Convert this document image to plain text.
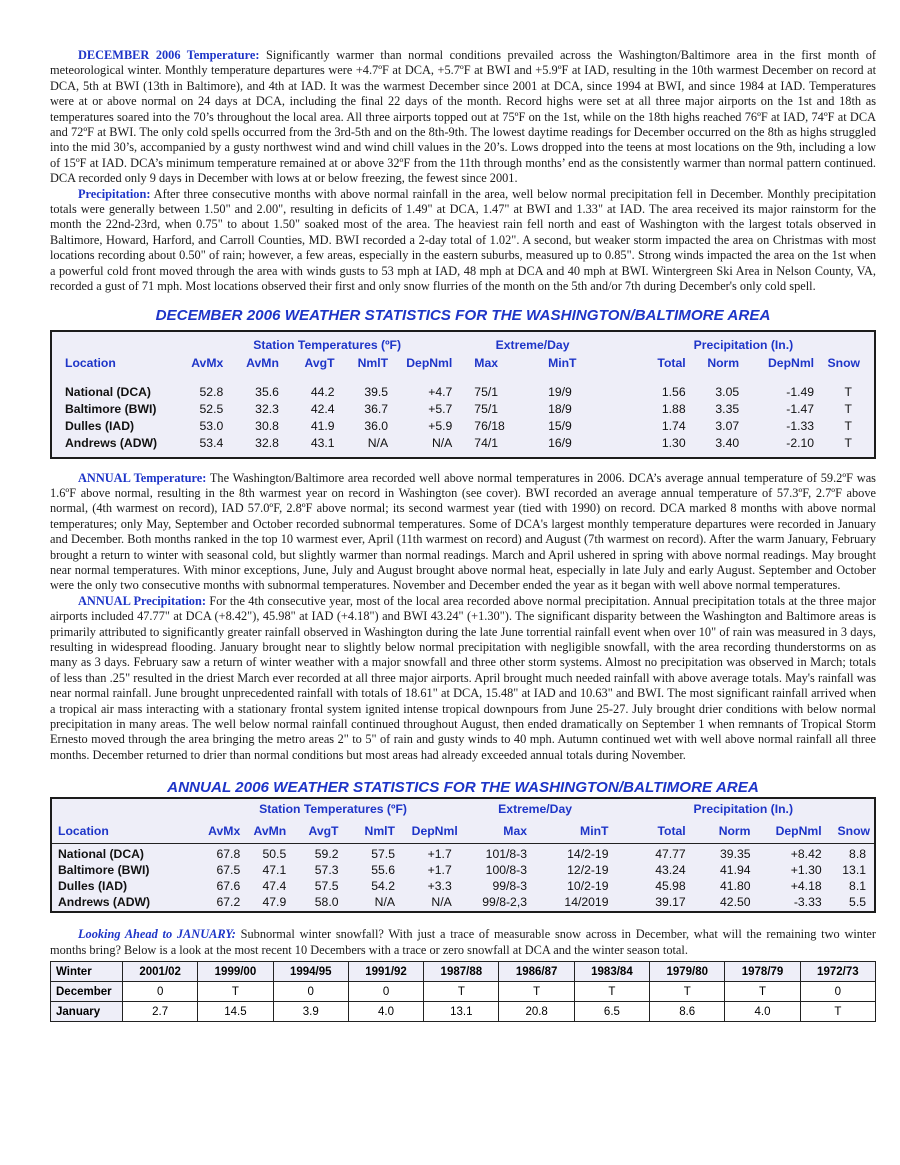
DECEMBER 2006 Temperature: Significantly warmer than normal conditions prevailed across the Washington/Baltimore area in the first month of meteorological winter. Monthly temperature departures were +4.7ºF at DCA, +5.7ºF at BWI and +5.9ºF at IAD, resulting in the 10th warmest December on record at DCA, 5th at BWI (13th in Baltimore), and 4th at IAD. It was the warmest December since 2001 at DCA, since 1994 at BWI, and since 1984 at IAD. Temperatures were at or above normal on 24 days at DCA, including the final 22 days of the month. Record highs were set at all three major airports on the 1st and 18th as temperatures soared into the 70’s throughout the local area. All three airports topped out at 75ºF on the 1st, while on the 18th highs reached 76ºF at IAD, 74ºF at DCA and 72ºF at BWI. The only cold spells occurred from the 3rd-5th and on the 8th-9th. The lowest daytime readings for December occurred on the 8th as highs struggled into the mid 30’s, accompanied by a gusty northwest wind and wind chill values in the 20’s. Lows dropped into the teens at most locations on the 9th, including a low of 15ºF at IAD. DCA’s minimum temperature remained at or above 32ºF from the 11th through months’ end as the consistently warmer than normal pattern continued. DCA recorded only 9 days in December with lows at or below freezing, the fewest since 2001.

Precipitation: After three consecutive months with above normal rainfall in the area, well below normal precipitation fell in December. Monthly precipitation totals were generally between 1.50" and 2.00", resulting in deficits of 1.49" at DCA, 1.47" at BWI and 1.33" at IAD. The area received its major rainstorm for the month the 22nd-23rd, when 0.75" to about 1.50" soaked most of the area. The heaviest rain fell north and east of Washington with the largest totals observed in Baltimore, Howard, Harford, and Carroll Counties, MD. BWI recorded a 2-day total of 1.02". A second, but weaker storm impacted the area on Christmas with most locations recording about 0.50" of rain; however, a few areas, especially in the eastern suburbs, measured up to 0.85". Strong winds impacted the area on the 1st when a powerful cold front moved through the area with winds gusts to 53 mph at IAD, 48 mph at DCA and 40 mph at BWI. Wintergreen Ski Area in Nelson County, VA, recorded a gust of 71 mph. Most locations observed their first and only snow flurries of the month on the 5th and/or 7th during December's only cold spell.

DECEMBER 2006 WEATHER STATISTICS FOR THE WASHINGTON/BALTIMORE AREA
	Station Temperatures (ºF)					Extreme/Day		Precipitation (In.)			
Location	AvMx	AvMn	AvgT	NmlT	DepNml	Max	MinT	Total	Norm	DepNml	Snow

National (DCA)	52.8	35.6	44.2	39.5	+4.7	75/1	19/9	1.56	3.05	-1.49	T
Baltimore (BWI)	52.5	32.3	42.4	36.7	+5.7	75/1	18/9	1.88	3.35	-1.47	T
Dulles (IAD)	53.0	30.8	41.9	36.0	+5.9	76/18	15/9	1.74	3.07	-1.33	T
Andrews (ADW)	53.4	32.8	43.1	N/A	N/A	74/1	16/9	1.30	3.40	-2.10	T

ANNUAL Temperature: The Washington/Baltimore area recorded well above normal temperatures in 2006. DCA’s average annual temperature of 59.2ºF was 1.6ºF above normal, resulting in the 8th warmest year on record in Washington (see cover). BWI recorded an average annual temperature of 57.3ºF, 2.7ºF above normal, (4th warmest on record), IAD 57.0ºF, 2.8ºF above normal; its second warmest year (tied with 1990) on record. DCA marked 8 months with above normal temperatures; only May, September and October recorded subnormal temperatures. Some of DCA's largest monthly temperature departures were recorded in January and December. Both months ranked in the top 10 warmest ever, April (11th warmest on record) and August (7th warmest on record). After the warm January, February brought a return to winter with seasonal cold, but slightly warmer than normal readings. March and April ushered in spring with above normal readings. May brought near normal temperatures. With minor exceptions, June, July and August brought above normal heat, especially in late July and early August. September and October were the only two consecutive months with subnormal temperatures. November and December ended the year as it began with well above normal temperatures.

ANNUAL Precipitation: For the 4th consecutive year, most of the local area recorded above normal precipitation. Annual precipitation totals at the three major airports included 47.77" at DCA (+8.42"), 45.98" at IAD (+4.18") and BWI 43.24" (+1.30"). The significant disparity between the Washington and Baltimore areas is primarily attributed to significantly greater rainfall observed in Washington during the late June torrential rainfall event when over 10" of rain was measured in 3 days, resulting in widespread flooding. January brought near to slightly below normal precipitation with negligible snowfall, with the area recording thunderstorms on as many as 3 days. February saw a return of winter weather with a major snowfall and three other storm systems. Almost no precipitation was observed in March; totals of less than .25" resulted in the driest March ever recorded at all three major airports. April brought much needed rainfall with above average totals. May's rainfall was near normal rainfall. June brought unprecedented rainfall with totals of 18.61" at DCA, 15.48" at IAD and 10.63" and BWI. The most significant rainfall arrived when a tropical air mass interacting with a stationary frontal system ignited intense tropical downpours from June 25-27. July brought drier conditions with below normal precipitation in many areas. The well below normal rainfall continued throughout August, then ended dramatically on September 1 when remnants of Tropical Storm Ernesto moved through the area bringing the metro areas 2" to 5" of rain and gusty winds to 40 mph. Autumn continued wet with well above normal rainfall all three months. December returned to drier than normal conditions but most areas had already exceeded annual totals during November.

ANNUAL 2006 WEATHER STATISTICS FOR THE WASHINGTON/BALTIMORE AREA
	Station Temperatures (ºF)					Extreme/Day		Precipitation (In.)			
Location	AvMx	AvMn	AvgT	NmlT	DepNml	Max	MinT	Total	Norm	DepNml	Snow

National (DCA)	67.8	50.5	59.2	57.5	+1.7	101/8-3	14/2-19	47.77	39.35	+8.42	8.8
Baltimore (BWI)	67.5	47.1	57.3	55.6	+1.7	100/8-3	12/2-19	43.24	41.94	+1.30	13.1
Dulles (IAD)	67.6	47.4	57.5	54.2	+3.3	99/8-3	10/2-19	45.98	41.80	+4.18	8.1
Andrews (ADW)	67.2	47.9	58.0	N/A	N/A	99/8-2,3	14/2019	39.17	42.50	-3.33	5.5

Looking Ahead to JANUARY: Subnormal winter snowfall? With just a trace of measurable snow across in December, what will the remaining two winter months bring? Below is a look at the most recent 10 Decembers with a trace or zero snowfall at DCA and the winter season total.

Winter	2001/02	1999/00	1994/95	1991/92	1987/88	1986/87	1983/84	1979/80	1978/79	1972/73
December	0	T	0	0	T	T	T	T	T	0
January	2.7	14.5	3.9	4.0	13.1	20.8	6.5	8.6	4.0	T
